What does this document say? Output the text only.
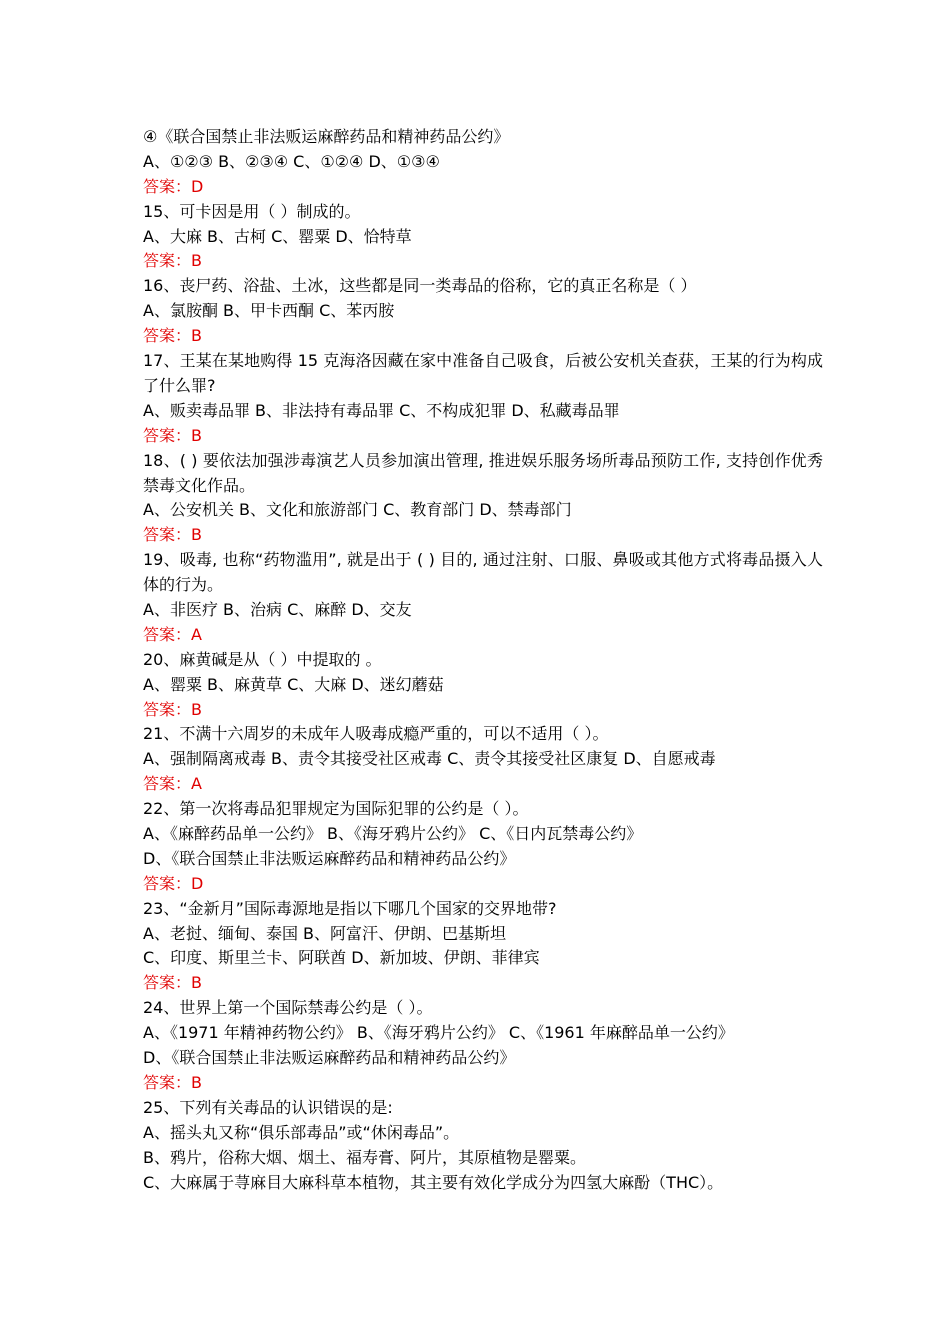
④《联合国禁止非法贩运麻醉药品和精神药品公约》
A、①②③ B、②③④ C、①②④ D、①③④
答案：D
15、可卡因是用（ ）制成的。
A、大麻 B、古柯 C、罂粟 D、恰特草
答案：B
16、丧尸药、浴盐、土冰，这些都是同一类毒品的俗称，它的真正名称是（ ）
A、氯胺酮 B、甲卡西酮 C、苯丙胺
答案：B
17、王某在某地购得 15 克海洛因藏在家中准备自己吸食，后被公安机关查获，王某的行为构成了什么罪?
A、贩卖毒品罪 B、非法持有毒品罪 C、不构成犯罪 D、私藏毒品罪
答案：B
18、( ) 要依法加强涉毒演艺人员参加演出管理, 推进娱乐服务场所毒品预防工作, 支持创作优秀禁毒文化作品。
A、公安机关 B、文化和旅游部门 C、教育部门 D、禁毒部门
答案：B
19、吸毒, 也称“药物滥用”, 就是出于 ( ) 目的, 通过注射、口服、鼻吸或其他方式将毒品摄入人体的行为。
A、非医疗 B、治病 C、麻醉 D、交友
答案：A
20、麻黄碱是从（ ）中提取的 。
A、罂粟 B、麻黄草 C、大麻 D、迷幻蘑菇
答案：B
21、不满十六周岁的未成年人吸毒成瘾严重的，可以不适用（ ）。
A、强制隔离戒毒 B、责令其接受社区戒毒 C、责令其接受社区康复 D、自愿戒毒
答案：A
22、第一次将毒品犯罪规定为国际犯罪的公约是（ ）。
A、《麻醉药品单一公约》 B、《海牙鸦片公约》 C、《日内瓦禁毒公约》
D、《联合国禁止非法贩运麻醉药品和精神药品公约》
答案：D
23、“金新月”国际毒源地是指以下哪几个国家的交界地带?
A、老挝、缅甸、泰国 B、阿富汗、伊朗、巴基斯坦
C、印度、斯里兰卡、阿联酋 D、新加坡、伊朗、菲律宾
答案：B
24、世界上第一个国际禁毒公约是（ ）。
A、《1971 年精神药物公约》 B、《海牙鸦片公约》 C、《1961 年麻醉品单一公约》
D、《联合国禁止非法贩运麻醉药品和精神药品公约》
答案：B
25、下列有关毒品的认识错误的是:
A、摇头丸又称“俱乐部毒品”或“休闲毒品”。
B、鸦片，俗称大烟、烟土、福寿膏、阿片，其原植物是罂粟。
C、大麻属于荨麻目大麻科草本植物，其主要有效化学成分为四氢大麻酚（THC）。
